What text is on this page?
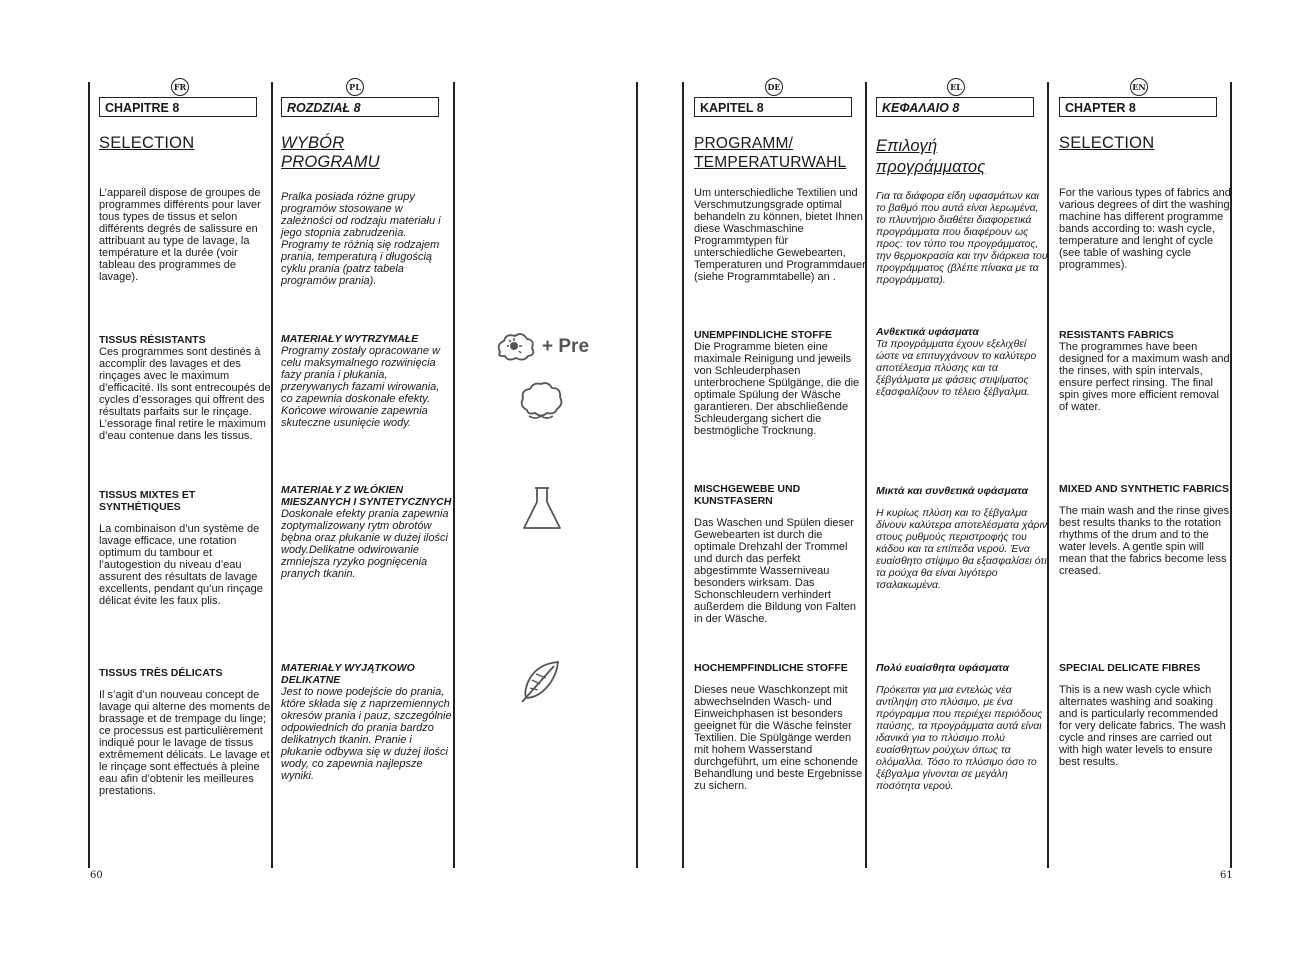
FR
CHAPITRE 8
SELECTION
L’appareil dispose de groupes de programmes différents pour laver tous types de tissus et selon différents degrés de salissure en attribuant au type de lavage, la température et la durée (voir tableau des programmes de lavage).
TISSUS RÉSISTANTS
Ces programmes sont destinés à accomplir des lavages et des rinçages avec le maximum d’efficacité. Ils sont entrecoupés de cycles d’essorages qui offrent des résultats parfaits sur le rinçage. L’essorage final retire le maximum d’eau contenue dans les tissus.
TISSUS MIXTES ET SYNTHÉTIQUES
La combinaison d’un système de lavage efficace, une rotation optimum du tambour et l’autogestion du niveau d’eau assurent des résultats de lavage excellents, pendant qu’un rinçage délicat évite les faux plis.
TISSUS TRÈS DÉLICATS
Il s’agit d’un nouveau concept de lavage qui alterne des moments de brassage et de trempage du linge; ce processus est particulièrement indiqué pour le lavage de tissus extrêmement délicats. Le lavage et le rinçage sont effectués à pleine eau afin d’obtenir les meilleures prestations.
PL
ROZDZIAŁ 8
WYBÓR PROGRAMU
Pralka posiada różne grupy programów stosowane w zależności od rodzaju materiału i jego stopnia zabrudzenia. Programy te różnią się rodzajem prania, temperaturą i długością cyklu prania (patrz tabela programów prania).
MATERIAŁY WYTRZYMAŁE
Programy zostały opracowane w celu maksymalnego rozwinięcia fazy prania i płukania, przerywanych fazami wirowania, co zapewnia doskonałe efekty. Końcowe wirowanie zapewnia skuteczne usunięcie wody.
MATERIAŁY Z WŁÓKIEN MIESZANYCH I SYNTETYCZNYCH
Doskonałe efekty prania zapewnia zoptymalizowany rytm obrotów bębna oraz płukanie w dużej ilości wody.Delikatne odwirowanie zmniejsza ryzyko pognięcenia pranych tkanin.
MATERIAŁY WYJĄTKOWO DELIKATNE
Jest to nowe podejście do prania, które składa się z naprzemiennych okresów prania i pauz, szczególnie odpowiednich do prania bardzo delikatnych tkanin. Pranie i płukanie odbywa się w dużej ilości wody, co zapewnia najlepsze wyniki.
+ Pre
DE
KAPITEL 8
PROGRAMM/ TEMPERATURWAHL
Um unterschiedliche Textilien und Verschmutzungsgrade optimal behandeln zu können, bietet Ihnen diese Waschmaschine Programmtypen für unterschiedliche Gewebearten, Temperaturen und Programmdauer (siehe Programmtabelle) an .
UNEMPFINDLICHE STOFFE
Die Programme bieten eine maximale Reinigung und jeweils von Schleuderphasen unterbrochene Spülgänge, die die optimale Spülung der Wäsche garantieren. Der abschließende Schleudergang sichert die bestmögliche Trocknung.
MISCHGEWEBE UND KUNSTFASERN
Das Waschen und Spülen dieser Gewebearten ist durch die optimale Drehzahl der Trommel und durch das perfekt abgestimmte Wasserniveau besonders wirksam. Das Schonschleudern verhindert außerdem die Bildung von Falten in der Wäsche.
HOCHEMPFINDLICHE STOFFE
Dieses neue Waschkonzept mit abwechselnden Wasch- und Einweichphasen ist besonders geeignet für die Wäsche feinster Textilien. Die Spülgänge werden mit hohem Wasserstand durchgeführt, um eine schonende Behandlung und beste Ergebnisse zu sichern.
EL
ΚΕΦΑΛΑΙΟ 8
Επιλογή προγράμματος
Για τα διάφορα είδη υφασμάτων και το βαθμό που αυτά είναι λερωμένα, το πλυντήριο διαθέτει διαφορετικά προγράμματα που διαφέρουν ως προς: τον τύπο του προγράμματος, την θερμοκρασία και την διάρκεια του προγράμματος (βλέπε πίνακα με τα προγράμματα).
Ανθεκτικά υφάσματα
Τα προγράμματα έχουν εξελιχθεί ώστε να επιτυγχάνουν το καλύτερο αποτέλεσμα πλύσης και τα ξέβγάλματα με φάσεις στιψίματος εξασφαλίζουν το τέλειο ξέβγαλμα.
Μικτά και συνθετικά υφάσματα
Η κυρίως πλύση και το ξέβγαλμα δίνουν καλύτερα αποτελέσματα χάριν στους ρυθμούς περιστροφής του κάδου και τα επίπεδα νερού. Ένα ευαίσθητο στίψιμο θα εξασφαλίσει ότι τα ρούχα θα είναι λιγότερο τσαλακωμένα.
Πολύ ευαίσθητα υφάσματα
Πρόκειται για μια εντελώς νέα αντίληψη στο πλύσιμο, με ένα πρόγραμμα που περιέχει περιόδους παύσης, τα προγράμματα αυτά είναι ιδανικά για το πλύσιμο πολύ ευαίσθητων ρούχων όπως τα ολόμαλλα. Τόσο το πλύσιμο όσο το ξέβγαλμα γίνονται σε μεγάλη ποσότητα νερού.
EN
CHAPTER 8
SELECTION
For the various types of fabrics and various degrees of dirt the washing machine has different programme bands according to: wash cycle, temperature and lenght of cycle (see table of washing cycle programmes).
RESISTANTS FABRICS
The programmes have been designed for a maximum wash and the rinses, with spin intervals, ensure perfect rinsing. The final spin gives more efficient removal of water.
MIXED AND SYNTHETIC FABRICS
The main wash and the rinse gives best results thanks to the rotation rhythms of the drum and to the water levels. A gentle spin will mean that the fabrics become less creased.
SPECIAL DELICATE FIBRES
This is a new wash cycle which alternates washing and soaking and is particularly recommended for very delicate fabrics. The wash cycle and rinses are carried out with high water levels to ensure best results.
60	61
